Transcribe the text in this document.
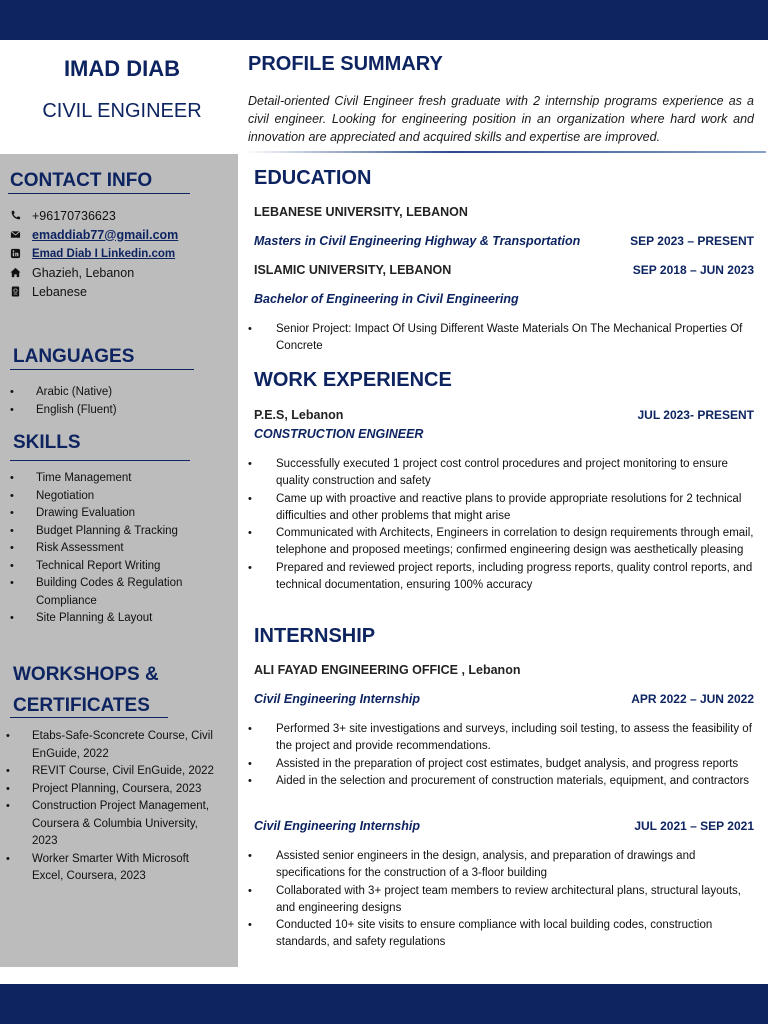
IMAD DIAB
CIVIL ENGINEER
PROFILE SUMMARY
Detail-oriented Civil Engineer fresh graduate with 2 internship programs experience as a civil engineer. Looking for engineering position in an organization where hard work and innovation are appreciated and acquired skills and expertise are improved.
CONTACT INFO
+96170736623
emaddiab77@gmail.com
Emad Diab I Linkedin.com
Ghazieh, Lebanon
Lebanese
LANGUAGES
• Arabic (Native)
• English (Fluent)
SKILLS
• Time Management
• Negotiation
• Drawing Evaluation
• Budget Planning & Tracking
• Risk Assessment
• Technical Report Writing
• Building Codes & Regulation Compliance
• Site Planning & Layout
WORKSHOPS &
CERTIFICATES
• Etabs-Safe-Sconcrete Course, Civil EnGuide, 2022
• REVIT Course, Civil EnGuide, 2022
• Project Planning, Coursera, 2023
• Construction Project Management, Coursera & Columbia University, 2023
• Worker Smarter With Microsoft Excel, Coursera, 2023
EDUCATION
LEBANESE UNIVERSITY, LEBANON
Masters in Civil Engineering Highway & Transportation	SEP 2023 – PRESENT
ISLAMIC UNIVERSITY, LEBANON	SEP 2018 – JUN 2023
Bachelor of Engineering in Civil Engineering
• Senior Project: Impact Of Using Different Waste Materials On The Mechanical Properties Of Concrete
WORK EXPERIENCE
P.E.S, Lebanon	JUL 2023- PRESENT
CONSTRUCTION ENGINEER
• Successfully executed 1 project cost control procedures and project monitoring to ensure quality construction and safety
• Came up with proactive and reactive plans to provide appropriate resolutions for 2 technical difficulties and other problems that might arise
• Communicated with Architects, Engineers in correlation to design requirements through email, telephone and proposed meetings; confirmed engineering design was aesthetically pleasing
• Prepared and reviewed project reports, including progress reports, quality control reports, and technical documentation, ensuring 100% accuracy
INTERNSHIP
ALI FAYAD ENGINEERING OFFICE , Lebanon
Civil Engineering Internship	APR 2022 – JUN 2022
• Performed 3+ site investigations and surveys, including soil testing, to assess the feasibility of the project and provide recommendations.
• Assisted in the preparation of project cost estimates, budget analysis, and progress reports
• Aided in the selection and procurement of construction materials, equipment, and contractors
Civil Engineering Internship	JUL 2021 – SEP 2021
• Assisted senior engineers in the design, analysis, and preparation of drawings and specifications for the construction of a 3-floor building
• Collaborated with 3+ project team members to review architectural plans, structural layouts, and engineering designs
• Conducted 10+ site visits to ensure compliance with local building codes, construction standards, and safety regulations
